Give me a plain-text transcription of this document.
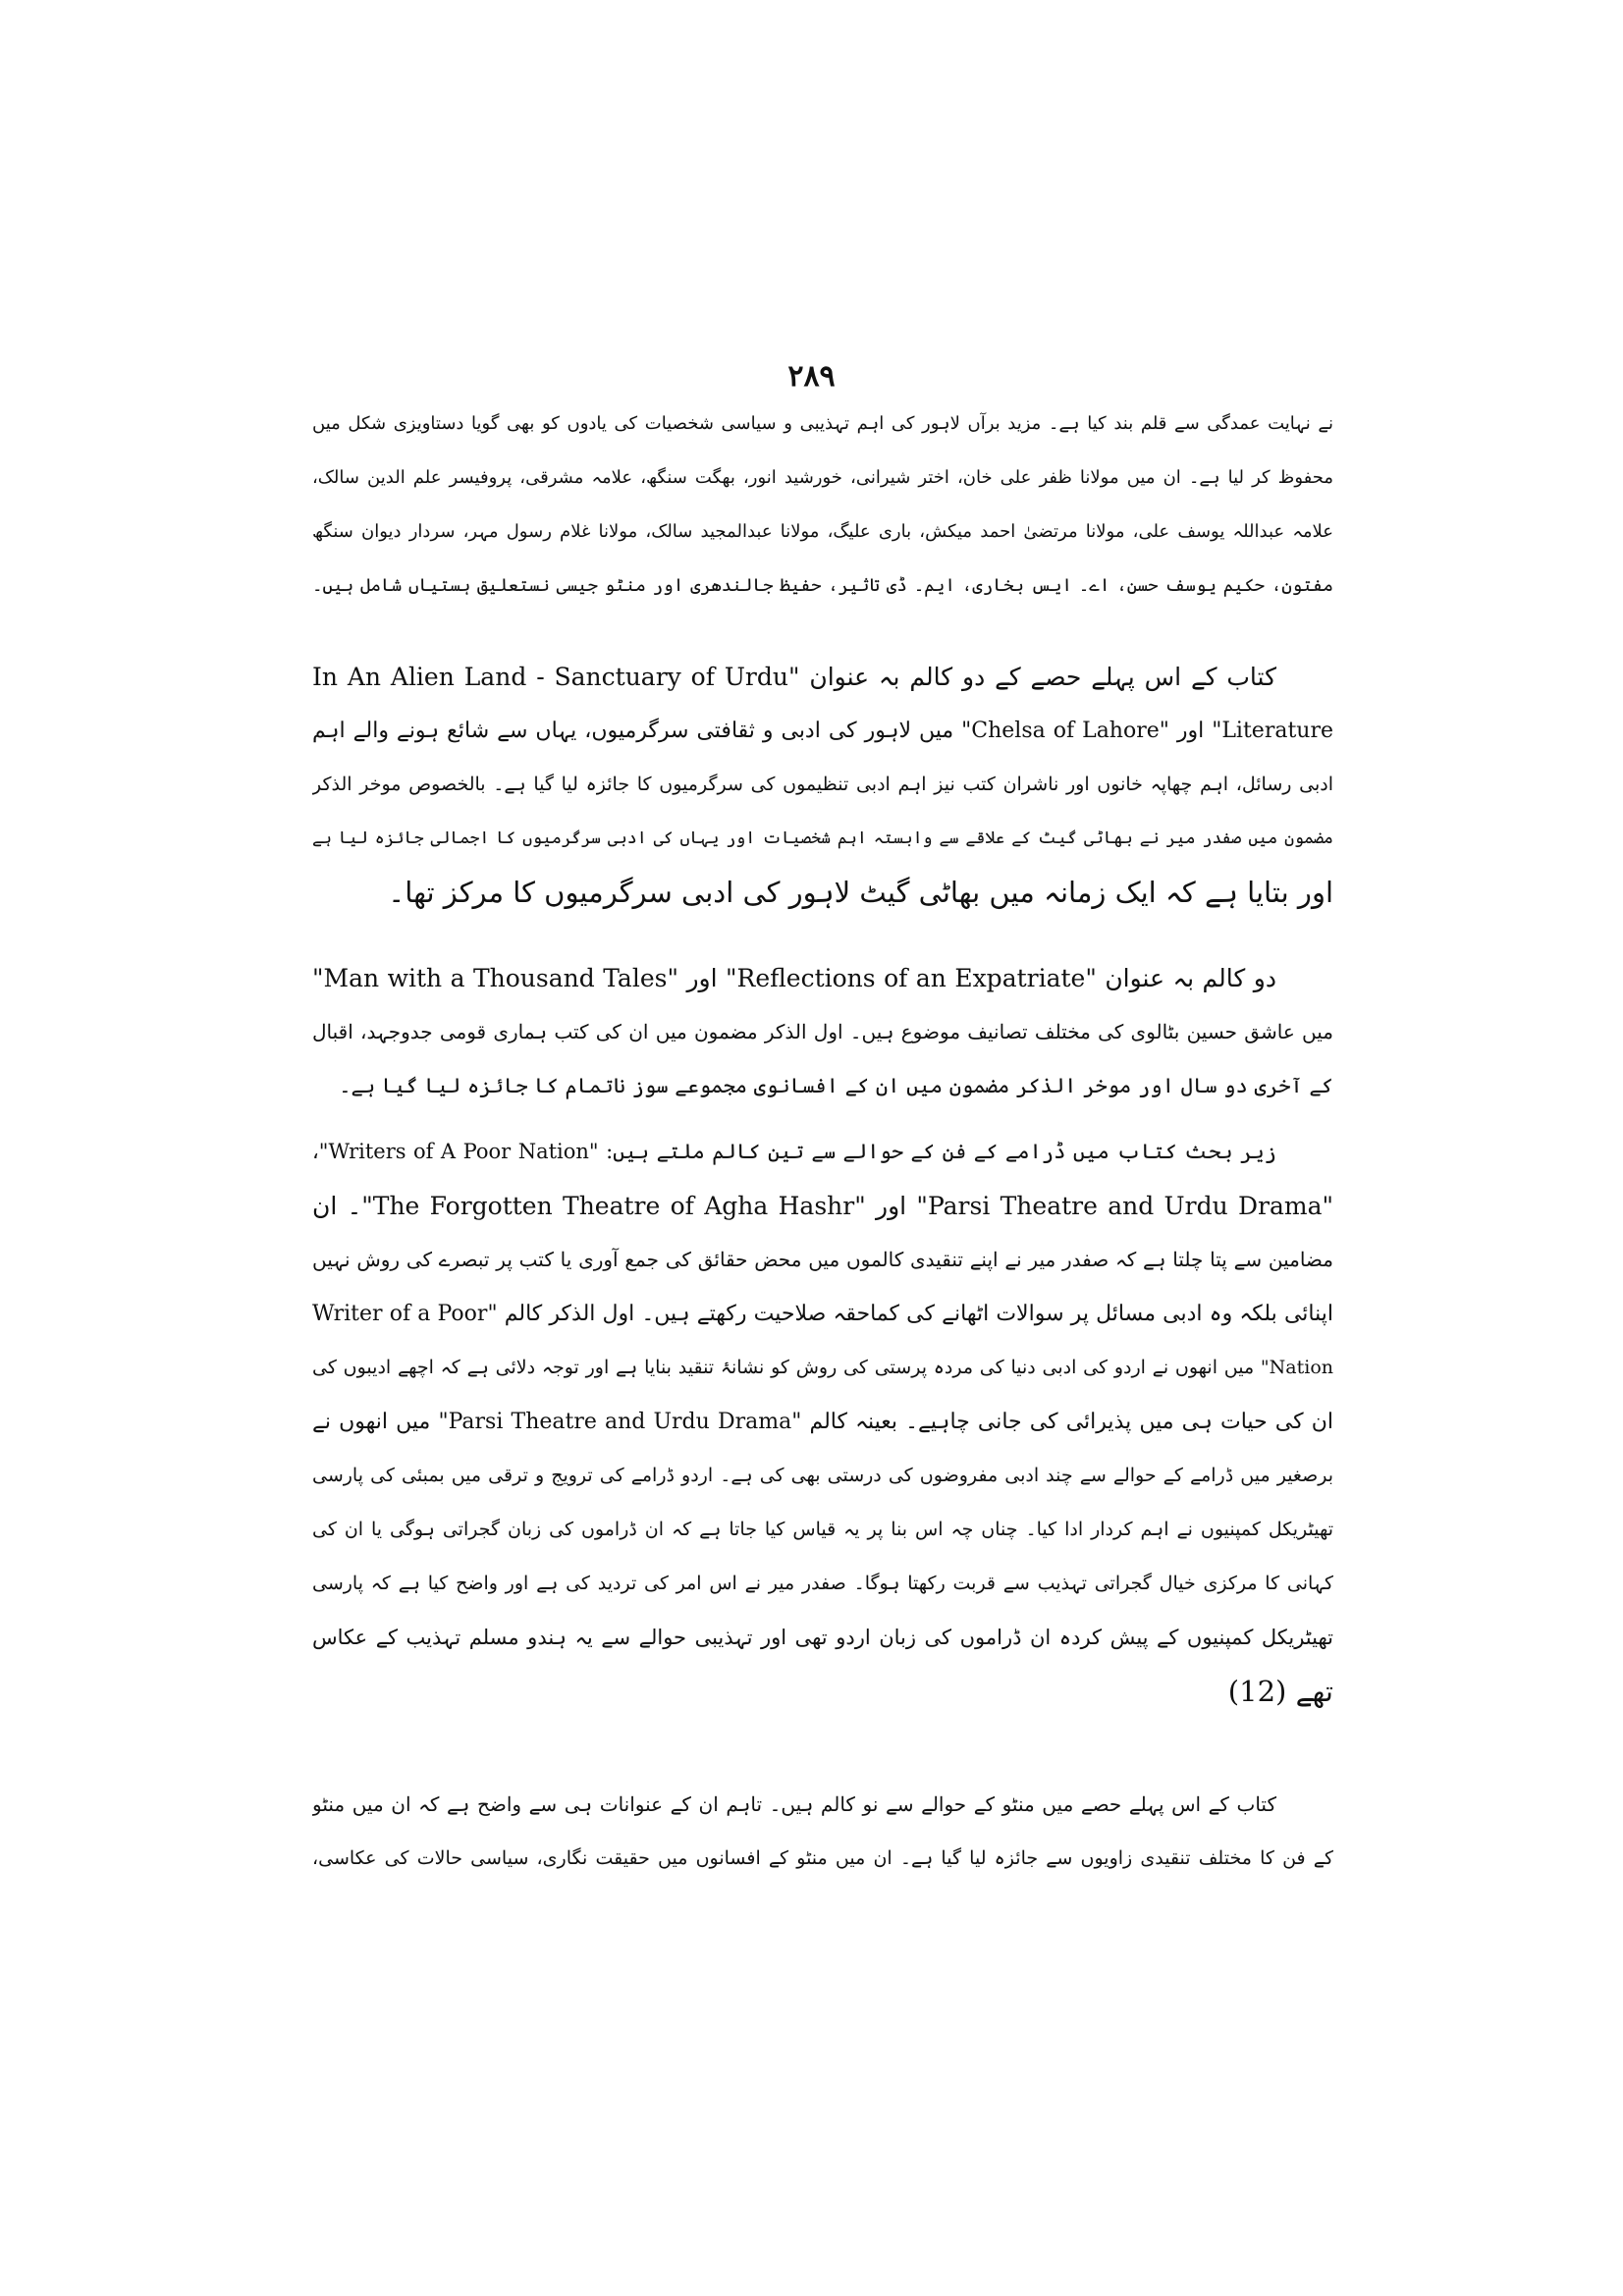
۲۸۹
نے نہایت عمدگی سے قلم بند کیا ہے۔ مزید برآں لاہور کی اہم تہذیبی و سیاسی شخصیات کی یادوں کو بھی گویا دستاویزی شکل میں
محفوظ کر لیا ہے۔ ان میں مولانا ظفر علی خان، اختر شیرانی، خورشید انور، بھگت سنگھ، علامہ مشرقی، پروفیسر علم الدین سالک،
علامہ عبداللہ یوسف علی، مولانا مرتضیٰ احمد میکش، باری علیگ، مولانا عبدالمجید سالک، مولانا غلام رسول مہر، سردار دیوان سنگھ
مفتون، حکیم یوسف حسن، اے۔ ایس بخاری، ایم۔ ڈی تاثیر، حفیظ جالندھری اور منٹو جیسی نستعلیق ہستیاں شامل ہیں۔
کتاب کے اس پہلے حصے کے دو کالم بہ عنوان "In An Alien Land - Sanctuary of Urdu
Literature" اور "Chelsa of Lahore" میں لاہور کی ادبی و ثقافتی سرگرمیوں، یہاں سے شائع ہونے والے اہم
ادبی رسائل، اہم چھاپہ خانوں اور ناشران کتب نیز اہم ادبی تنظیموں کی سرگرمیوں کا جائزہ لیا گیا ہے۔ بالخصوص موخر الذکر
مضمون میں صفدر میر نے بھاٹی گیٹ کے علاقے سے وابستہ اہم شخصیات اور یہاں کی ادبی سرگرمیوں کا اجمالی جائزہ لیا ہے
اور بتایا ہے کہ ایک زمانہ میں بھاٹی گیٹ لاہور کی ادبی سرگرمیوں کا مرکز تھا۔
دو کالم بہ عنوان "Reflections of an Expatriate" اور "Man with a Thousand Tales"
میں عاشق حسین بٹالوی کی مختلف تصانیف موضوع ہیں۔ اول الذکر مضمون میں ان کی کتب ہماری قومی جدوجہد، اقبال
کے آخری دو سال اور موخر الذکر مضمون میں ان کے افسانوی مجموعے سوز ناتمام کا جائزہ لیا گیا ہے۔
زیر بحث کتاب میں ڈرامے کے فن کے حوالے سے تین کالم ملتے ہیں: "Writers of A Poor Nation"،
"Parsi Theatre and Urdu Drama" اور "The Forgotten Theatre of Agha Hashr"۔ ان
مضامین سے پتا چلتا ہے کہ صفدر میر نے اپنے تنقیدی کالموں میں محض حقائق کی جمع آوری یا کتب پر تبصرے کی روش نہیں
اپنائی بلکہ وہ ادبی مسائل پر سوالات اٹھانے کی کماحقہ صلاحیت رکھتے ہیں۔ اول الذکر کالم "Writer of a Poor
Nation" میں انھوں نے اردو کی ادبی دنیا کی مردہ پرستی کی روش کو نشانۂ تنقید بنایا ہے اور توجہ دلائی ہے کہ اچھے ادیبوں کی
ان کی حیات ہی میں پذیرائی کی جانی چاہیے۔ بعینہ کالم "Parsi Theatre and Urdu Drama" میں انھوں نے
برصغیر میں ڈرامے کے حوالے سے چند ادبی مفروضوں کی درستی بھی کی ہے۔ اردو ڈرامے کی ترویج و ترقی میں بمبئی کی پارسی
تھیٹریکل کمپنیوں نے اہم کردار ادا کیا۔ چناں چہ اس بنا پر یہ قیاس کیا جاتا ہے کہ ان ڈراموں کی زبان گجراتی ہوگی یا ان کی
کہانی کا مرکزی خیال گجراتی تہذیب سے قربت رکھتا ہوگا۔ صفدر میر نے اس امر کی تردید کی ہے اور واضح کیا ہے کہ پارسی
تھیٹریکل کمپنیوں کے پیش کردہ ان ڈراموں کی زبان اردو تھی اور تہذیبی حوالے سے یہ ہندو مسلم تہذیب کے عکاس
تھے (12)
کتاب کے اس پہلے حصے میں منٹو کے حوالے سے نو کالم ہیں۔ تاہم ان کے عنوانات ہی سے واضح ہے کہ ان میں منٹو
کے فن کا مختلف تنقیدی زاویوں سے جائزہ لیا گیا ہے۔ ان میں منٹو کے افسانوں میں حقیقت نگاری، سیاسی حالات کی عکاسی،
